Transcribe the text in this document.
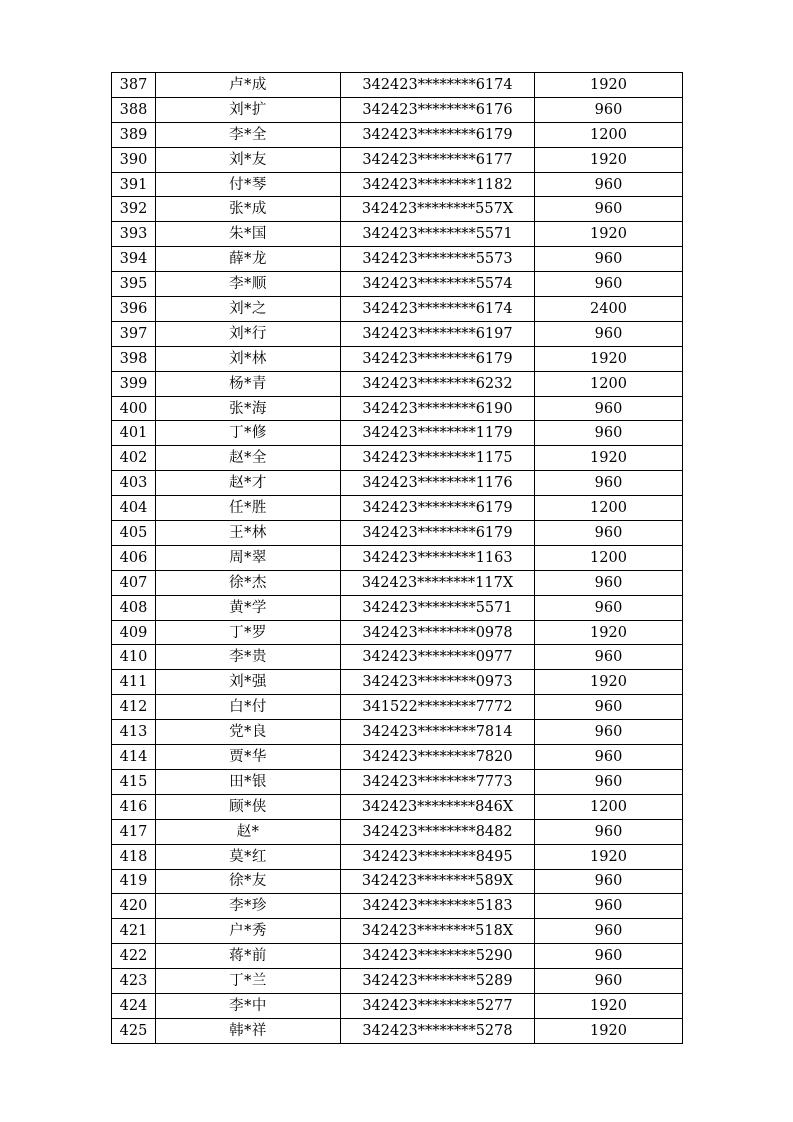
387	卢*成	342423********6174	1920
388	刘*扩	342423********6176	960
389	李*全	342423********6179	1200
390	刘*友	342423********6177	1920
391	付*琴	342423********1182	960
392	张*成	342423********557X	960
393	朱*国	342423********5571	1920
394	薛*龙	342423********5573	960
395	李*顺	342423********5574	960
396	刘*之	342423********6174	2400
397	刘*行	342423********6197	960
398	刘*林	342423********6179	1920
399	杨*青	342423********6232	1200
400	张*海	342423********6190	960
401	丁*修	342423********1179	960
402	赵*全	342423********1175	1920
403	赵*才	342423********1176	960
404	任*胜	342423********6179	1200
405	王*林	342423********6179	960
406	周*翠	342423********1163	1200
407	徐*杰	342423********117X	960
408	黄*学	342423********5571	960
409	丁*罗	342423********0978	1920
410	李*贵	342423********0977	960
411	刘*强	342423********0973	1920
412	白*付	341522********7772	960
413	党*良	342423********7814	960
414	贾*华	342423********7820	960
415	田*银	342423********7773	960
416	顾*侠	342423********846X	1200
417	赵*	342423********8482	960
418	莫*红	342423********8495	1920
419	徐*友	342423********589X	960
420	李*珍	342423********5183	960
421	户*秀	342423********518X	960
422	蒋*前	342423********5290	960
423	丁*兰	342423********5289	960
424	李*中	342423********5277	1920
425	韩*祥	342423********5278	1920
